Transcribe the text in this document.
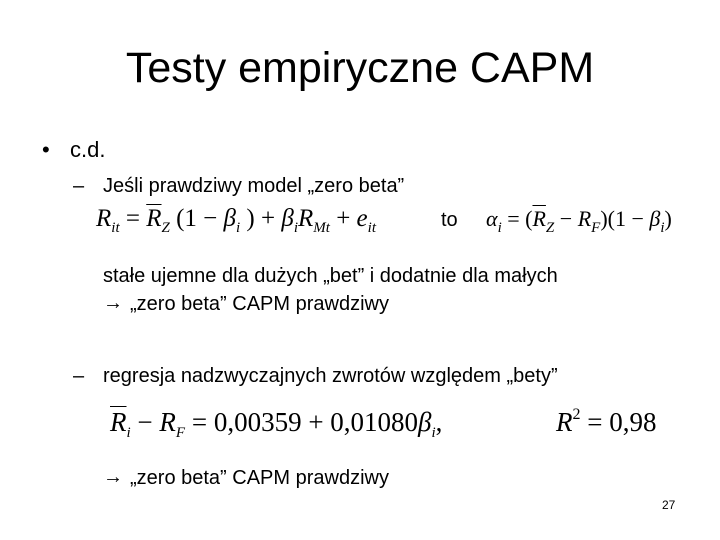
Testy empiryczne CAPM
• c.d.
– Jeśli prawdziwy model „zero beta”
$R_{it} = \overline{R}_Z$ ($1 - \beta_i$ ) + $\beta_iR_{Mt} + e_{it}$	to $\alpha_i = (\overline{R}_Z - R_F)(1 - \beta_i)$
stałe ujemne dla dużych „bet” i dodatnie dla małych
→ „zero beta” CAPM prawdziwy
– regresja nadzwyczajnych zwrotów względem „bety”
$\overline{R}_i - R_F = 0,00359 + 0,01080\beta_i$,	$R^2 = 0,98$
→ „zero beta” CAPM prawdziwy
27
